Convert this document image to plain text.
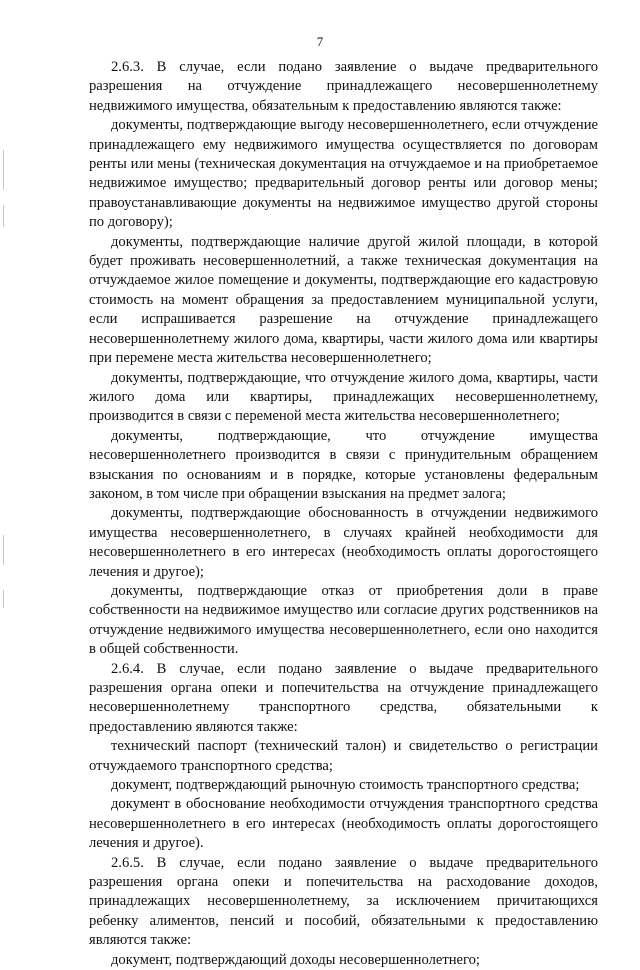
7

2.6.3. В случае, если подано заявление о выдаче предварительного разрешения на отчуждение принадлежащего несовершеннолетнему недвижимого имущества, обязательным к предоставлению являются также:

документы, подтверждающие выгоду несовершеннолетнего, если отчуждение принадлежащего ему недвижимого имущества осуществляется по договорам ренты или мены (техническая документация на отчуждаемое и на приобретаемое недвижимое имущество; предварительный договор ренты или договор мены; правоустанавливающие документы на недвижимое имущество другой стороны по договору);

документы, подтверждающие наличие другой жилой площади, в которой будет проживать несовершеннолетний, а также техническая документация на отчуждаемое жилое помещение и документы, подтверждающие его кадастровую стоимость на момент обращения за предоставлением муниципальной услуги, если испрашивается разрешение на отчуждение принадлежащего несовершеннолетнему жилого дома, квартиры, части жилого дома или квартиры при перемене места жительства несовершеннолетнего;

документы, подтверждающие, что отчуждение жилого дома, квартиры, части жилого дома или квартиры, принадлежащих несовершеннолетнему, производится в связи с переменой места жительства несовершеннолетнего;

документы, подтверждающие, что отчуждение имущества несовершеннолетнего производится в связи с принудительным обращением взыскания по основаниям и в порядке, которые установлены федеральным законом, в том числе при обращении взыскания на предмет залога;

документы, подтверждающие обоснованность в отчуждении недвижимого имущества несовершеннолетнего, в случаях крайней необходимости для несовершеннолетнего в его интересах (необходимость оплаты дорогостоящего лечения и другое);

документы, подтверждающие отказ от приобретения доли в праве собственности на недвижимое имущество или согласие других родственников на отчуждение недвижимого имущества несовершеннолетнего, если оно находится в общей собственности.

2.6.4. В случае, если подано заявление о выдаче предварительного разрешения органа опеки и попечительства на отчуждение принадлежащего несовершеннолетнему транспортного средства, обязательными к предоставлению являются также:

технический паспорт (технический талон) и свидетельство о регистрации отчуждаемого транспортного средства;

документ, подтверждающий рыночную стоимость транспортного средства;

документ в обоснование необходимости отчуждения транспортного средства несовершеннолетнего в его интересах (необходимость оплаты дорогостоящего лечения и другое).

2.6.5. В случае, если подано заявление о выдаче предварительного разрешения органа опеки и попечительства на расходование доходов, принадлежащих несовершеннолетнему, за исключением причитающихся ребенку алиментов, пенсий и пособий, обязательными к предоставлению являются также:

документ, подтверждающий доходы несовершеннолетнего;
